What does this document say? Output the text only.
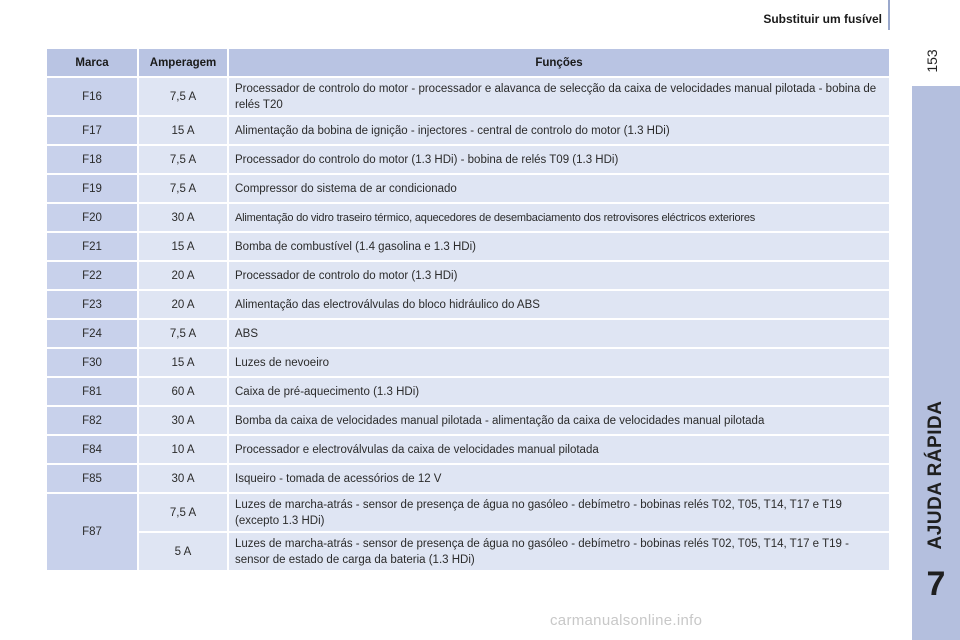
Substituir um fusível
153
AJUDA RÁPIDA
7
Marca	Amperagem	Funções
F16	7,5 A	Processador de controlo do motor - processador e alavanca de selecção da caixa de velocidades manual pilotada - bobina de relés T20
F17	15 A	Alimentação da bobina de ignição - injectores - central de controlo do motor (1.3 HDi)
F18	7,5 A	Processador do controlo do motor (1.3 HDi) - bobina de relés T09 (1.3 HDi)
F19	7,5 A	Compressor do sistema de ar condicionado
F20	30 A	Alimentação do vidro traseiro térmico, aquecedores de desembaciamento dos retrovisores eléctricos exteriores
F21	15 A	Bomba de combustível (1.4 gasolina e 1.3 HDi)
F22	20 A	Processador de controlo do motor (1.3 HDi)
F23	20 A	Alimentação das electroválvulas do bloco hidráulico do ABS
F24	7,5 A	ABS
F30	15 A	Luzes de nevoeiro
F81	60 A	Caixa de pré-aquecimento (1.3 HDi)
F82	30 A	Bomba da caixa de velocidades manual pilotada - alimentação da caixa de velocidades manual pilotada
F84	10 A	Processador e electroválvulas da caixa de velocidades manual pilotada
F85	30 A	Isqueiro - tomada de acessórios de 12 V
F87	7,5 A	Luzes de marcha-atrás - sensor de presença de água no gasóleo - debímetro - bobinas relés T02, T05, T14, T17 e T19 (excepto 1.3 HDi)
	5 A	Luzes de marcha-atrás - sensor de presença de água no gasóleo - debímetro - bobinas relés T02, T05, T14, T17 e T19 - sensor de estado de carga da bateria (1.3 HDi)
carmanualsonline.info
